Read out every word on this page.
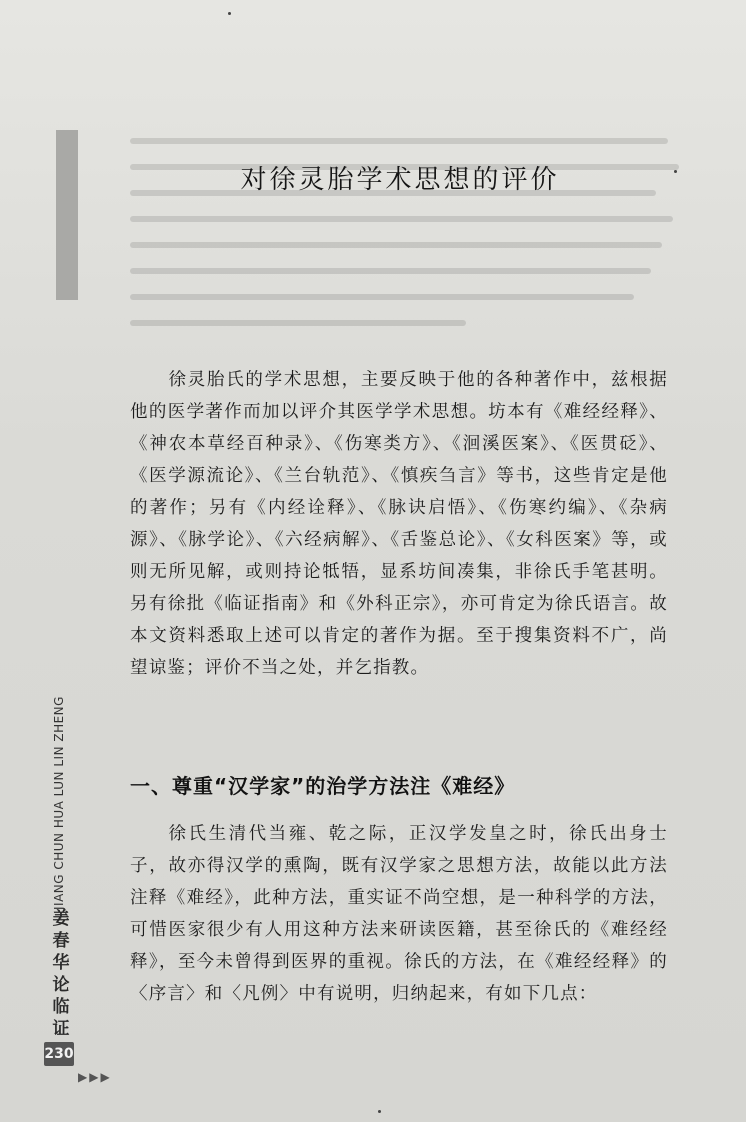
对徐灵胎学术思想的评价

徐灵胎氏的学术思想，主要反映于他的各种著作中，兹根据他的医学著作而加以评介其医学学术思想。坊本有《难经经释》、《神农本草经百种录》、《伤寒类方》、《洄溪医案》、《医贯砭》、《医学源流论》、《兰台轨范》、《慎疾刍言》等书，这些肯定是他的著作；另有《内经诠释》、《脉诀启悟》、《伤寒约编》、《杂病源》、《脉学论》、《六经病解》、《舌鉴总论》、《女科医案》等，或则无所见解，或则持论牴牾，显系坊间凑集，非徐氏手笔甚明。另有徐批《临证指南》和《外科正宗》，亦可肯定为徐氏语言。故本文资料悉取上述可以肯定的著作为据。至于搜集资料不广，尚望谅鉴；评价不当之处，并乞指教。

一、尊重“汉学家”的治学方法注《难经》

徐氏生清代当雍、乾之际，正汉学发皇之时，徐氏出身士子，故亦得汉学的熏陶，既有汉学家之思想方法，故能以此方法注释《难经》，此种方法，重实证不尚空想，是一种科学的方法，可惜医家很少有人用这种方法来研读医籍，甚至徐氏的《难经经释》，至今未曾得到医界的重视。徐氏的方法，在《难经经释》的〈序言〉和〈凡例〉中有说明，归纳起来，有如下几点：

JIANG CHUN HUA LUN LIN ZHENG
姜春华论临证
230
▶▶▶
